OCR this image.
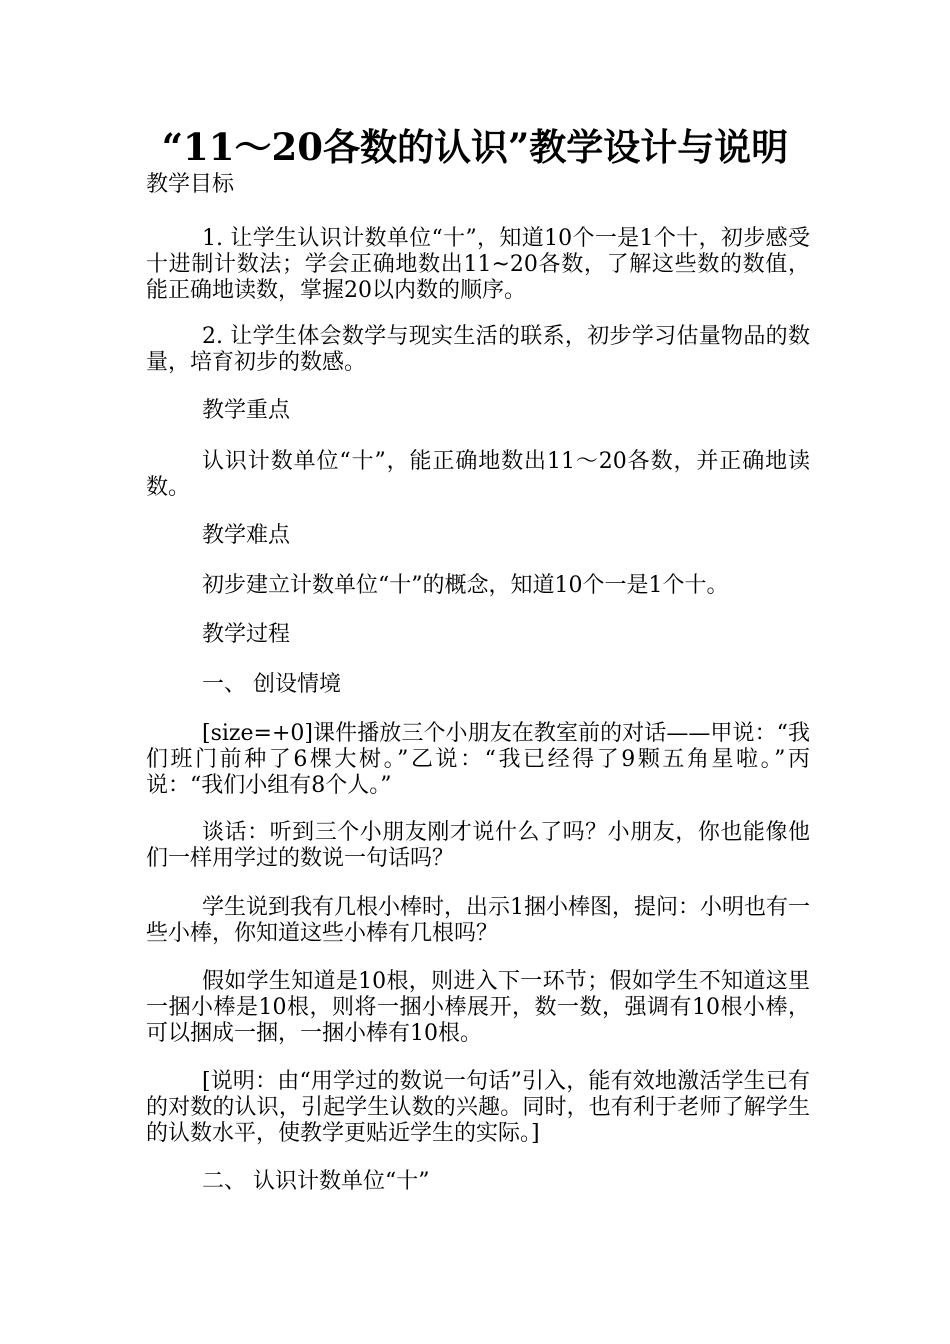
“11～20各数的认识”教学设计与说明

教学目标

1. 让学生认识计数单位“十”，知道10个一是1个十，初步感受十进制计数法；学会正确地数出11~20各数，了解这些数的数值，能正确地读数，掌握20以内数的顺序。

2. 让学生体会数学与现实生活的联系，初步学习估量物品的数量，培育初步的数感。

教学重点

认识计数单位“十”，能正确地数出11～20各数，并正确地读数。

教学难点

初步建立计数单位“十”的概念，知道10个一是1个十。

教学过程

一、 创设情境

[size=+0]课件播放三个小朋友在教室前的对话——甲说：“我们班门前种了6棵大树。”乙说：“我已经得了9颗五角星啦。”丙说：“我们小组有8个人。”

谈话：听到三个小朋友刚才说什么了吗？小朋友，你也能像他们一样用学过的数说一句话吗？

学生说到我有几根小棒时，出示1捆小棒图，提问：小明也有一些小棒，你知道这些小棒有几根吗？

假如学生知道是10根，则进入下一环节；假如学生不知道这里一捆小棒是10根，则将一捆小棒展开，数一数，强调有10根小棒，可以捆成一捆，一捆小棒有10根。

[说明：由“用学过的数说一句话”引入，能有效地激活学生已有的对数的认识，引起学生认数的兴趣。同时，也有利于老师了解学生的认数水平，使教学更贴近学生的实际。]

二、 认识计数单位“十”
